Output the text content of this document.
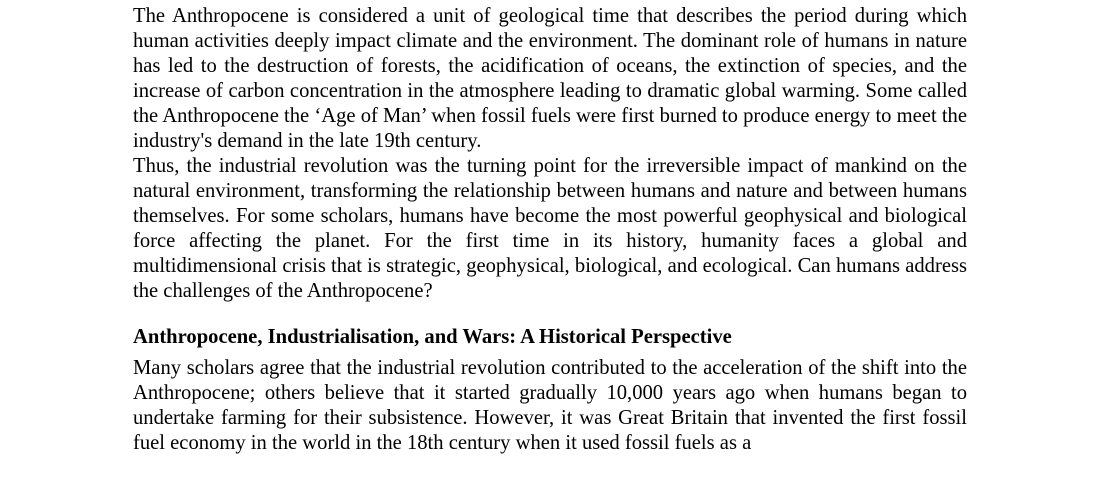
The Anthropocene is considered a unit of geological time that describes the period during which human activities deeply impact climate and the environment. The dominant role of humans in nature has led to the destruction of forests, the acidification of oceans, the extinction of species, and the increase of carbon concentration in the atmosphere leading to dramatic global warming. Some called the Anthropocene the ‘Age of Man’ when fossil fuels were first burned to produce energy to meet the industry's demand in the late 19th century.

Thus, the industrial revolution was the turning point for the irreversible impact of mankind on the natural environment, transforming the relationship between humans and nature and between humans themselves. For some scholars, humans have become the most powerful geophysical and biological force affecting the planet. For the first time in its history, humanity faces a global and multidimensional crisis that is strategic, geophysical, biological, and ecological. Can humans address the challenges of the Anthropocene?

Anthropocene, Industrialisation, and Wars: A Historical Perspective

Many scholars agree that the industrial revolution contributed to the acceleration of the shift into the Anthropocene; others believe that it started gradually 10,000 years ago when humans began to undertake farming for their subsistence. However, it was Great Britain that invented the first fossil fuel economy in the world in the 18th century when it used fossil fuels as a
